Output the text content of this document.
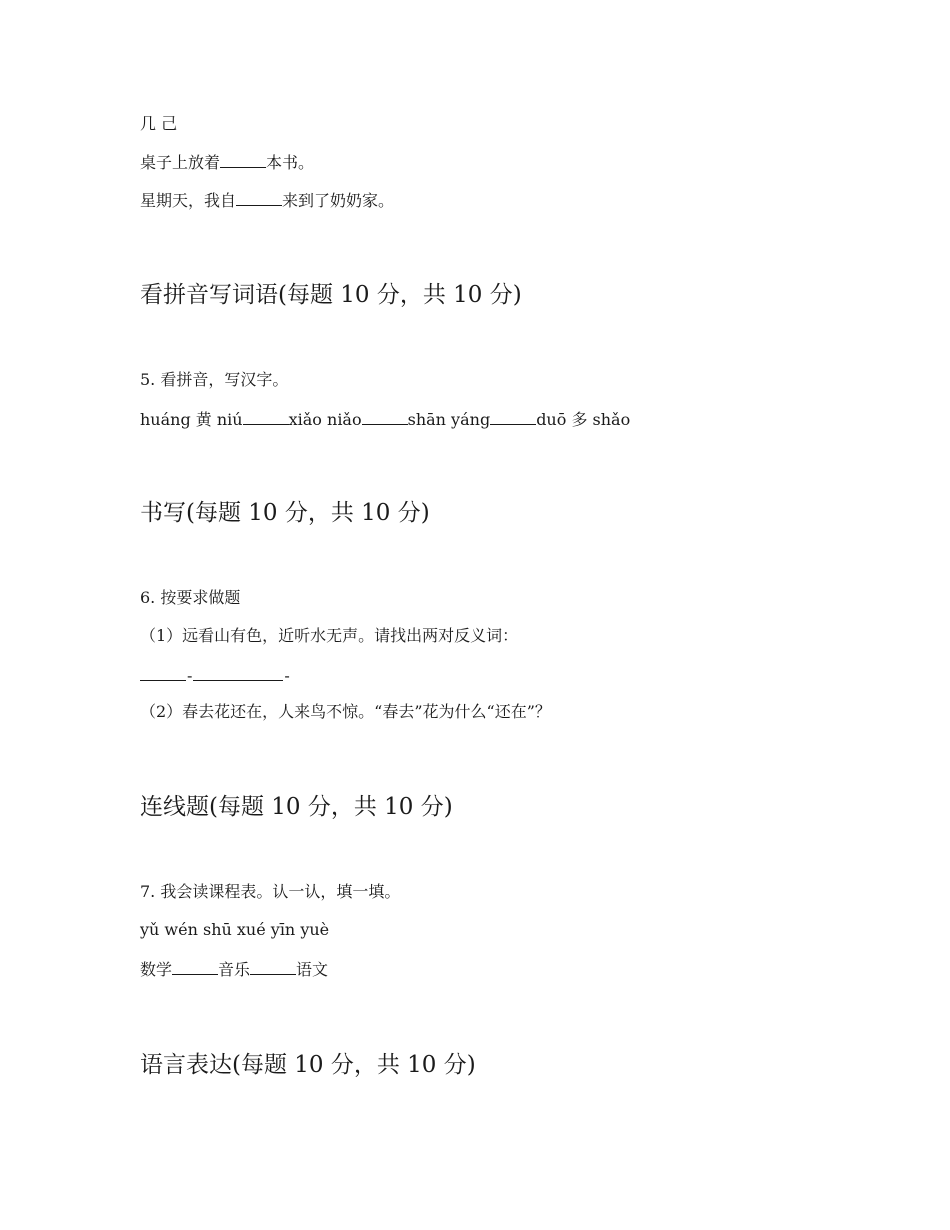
几 己
桌子上放着	本书。
星期天，我自	来到了奶奶家。
看拼音写词语(每题 10 分，共 10 分)
5. 看拼音，写汉字。
huáng 黄 niú	xiǎo niǎo	shān yáng	duō 多 shǎo
书写(每题 10 分，共 10 分)
6. 按要求做题
（1）远看山有色，近听水无声。请找出两对反义词：
-	-
（2）春去花还在，人来鸟不惊。“春去”花为什么“还在”？
连线题(每题 10 分，共 10 分)
7. 我会读课程表。认一认，填一填。
yǔ wén shū xué yīn yuè
数学	音乐	语文
语言表达(每题 10 分，共 10 分)
